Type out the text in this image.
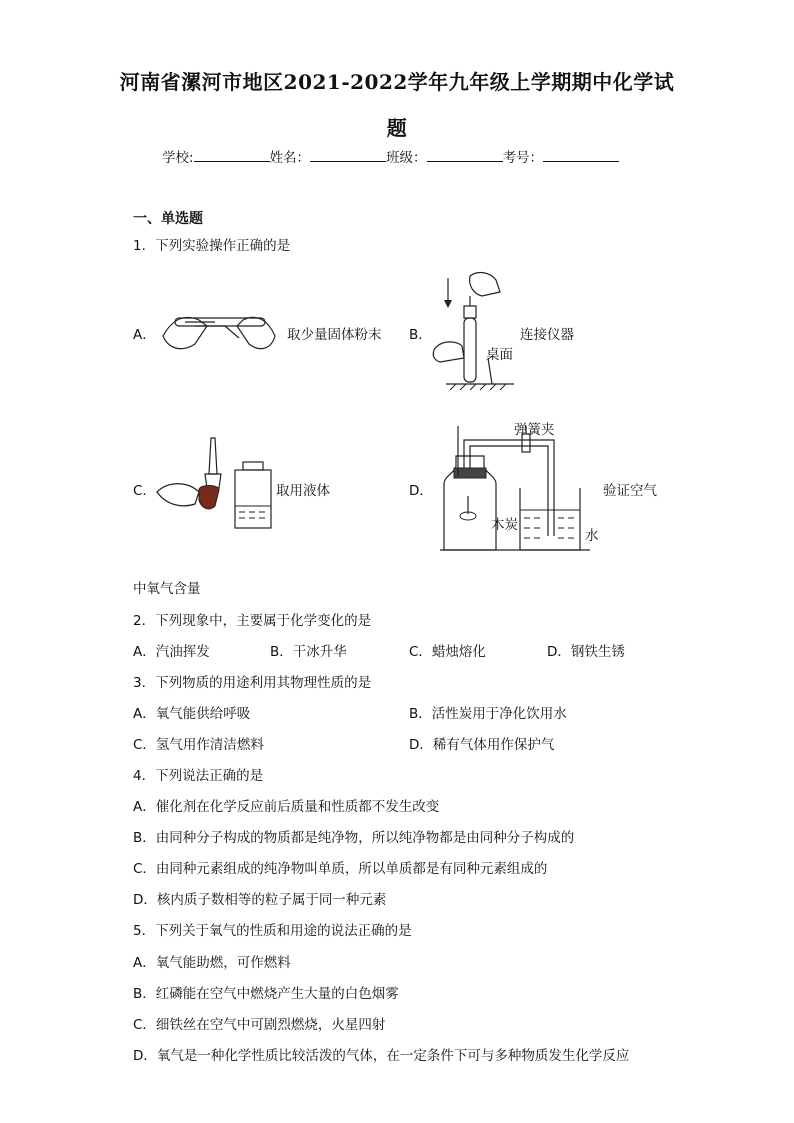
河南省漯河市地区2021-2022学年九年级上学期期中化学试
题
学校:	姓名：	班级：	考号：
一、单选题
1．下列实验操作正确的是
A．	取少量固体粉末 B．
桌面
连接仪器
C．	取用液体	D．
弹簧夹
木炭
水
验证空气
中氧气含量
2．下列现象中，主要属于化学变化的是
A．汽油挥发	B．干冰升华	C．蜡烛熔化	D．钢铁生锈
3．下列物质的用途利用其物理性质的是
A．氧气能供给呼吸	B．活性炭用于净化饮用水
C．氢气用作清洁燃料	D．稀有气体用作保护气
4．下列说法正确的是
A．催化剂在化学反应前后质量和性质都不发生改变
B．由同种分子构成的物质都是纯净物，所以纯净物都是由同种分子构成的
C．由同种元素组成的纯净物叫单质，所以单质都是有同种元素组成的
D．核内质子数相等的粒子属于同一种元素
5．下列关于氧气的性质和用途的说法正确的是
A．氧气能助燃，可作燃料
B．红磷能在空气中燃烧产生大量的白色烟雾
C．细铁丝在空气中可剧烈燃烧，火星四射
D．氧气是一种化学性质比较活泼的气体，在一定条件下可与多种物质发生化学反应
